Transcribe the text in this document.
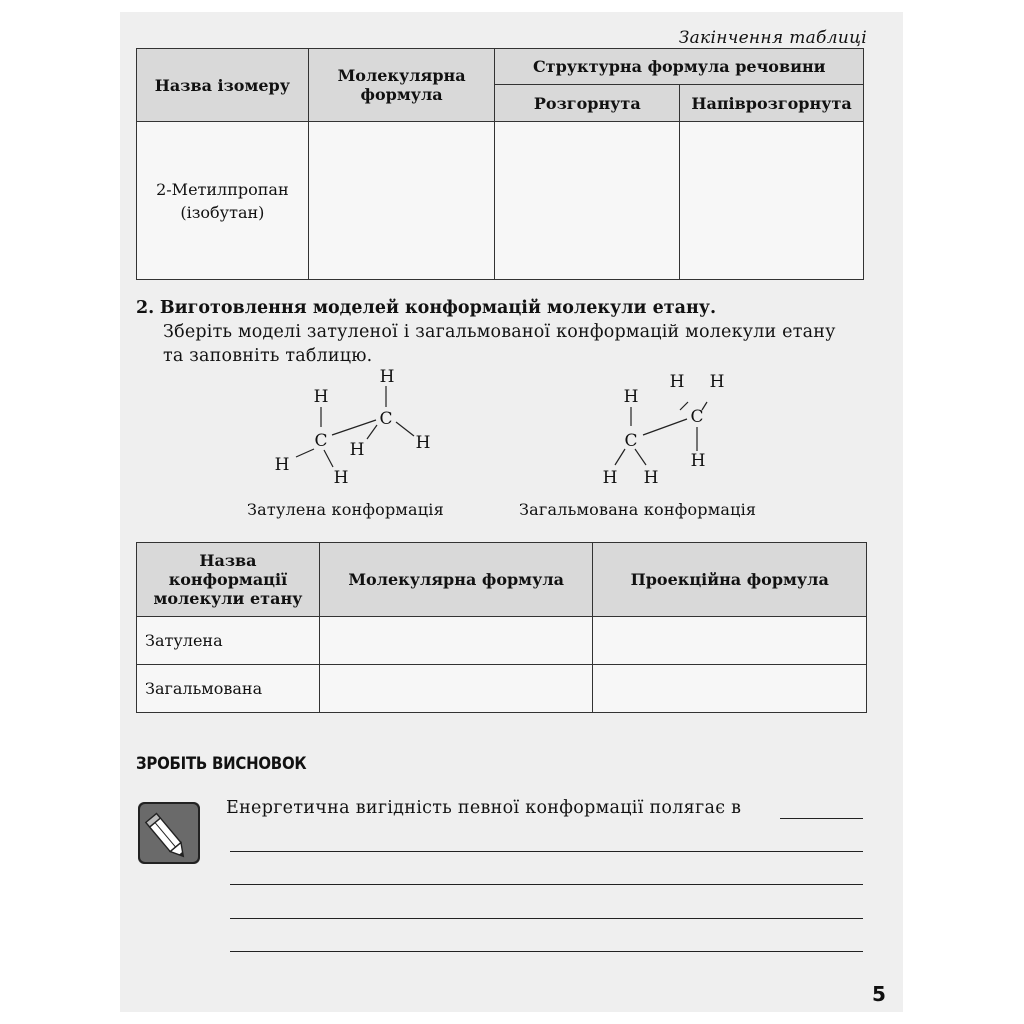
Закінчення таблиці
Назва ізомеру	Молекулярна формула	Структурна формула речовини	
		Розгорнута	Напіврозгорнута

2-Метилпропан
(ізобутан)			

2. Виготовлення моделей конформацій молекули етану.
Зберіть моделі затуленої і загальмованої конформацій молекули етану
та заповніть таблицю.
H
C
H
H
H
C
H	H
H
C
H H
H H
C
H
Затулена конформація	Загальмована конформація
Назва
конформації
молекули етану	Молекулярна формула	Проекційна формула
Затулена		
Загальмована		
ЗРОБІТЬ ВИСНОВОК
Енергетична вигідність певної конформації полягає в
5
